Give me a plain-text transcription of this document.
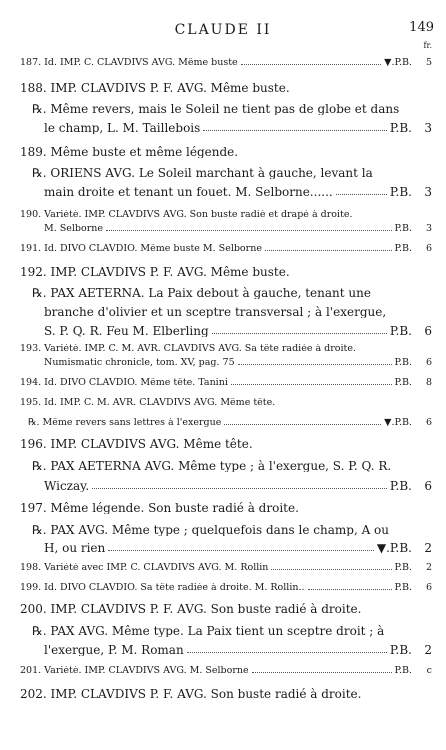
CLAUDE II	149
fr.
187. Id. IMP. C. CLAVDIVS AVG. Même buste	▼.P.B.	5
188. IMP. CLAVDIVS P. F. AVG. Même buste.
℞. Même revers, mais le Soleil ne tient pas de globe et dans
le champ, L. M. Taillebois	P.B.	3
189. Même buste et même légende.
℞. ORIENS AVG. Le Soleil marchant à gauche, levant la
main droite et tenant un fouet. M. Selborne......	P.B.	3
190. Variété. IMP. CLAVDIVS AVG. Son buste radié et drapé à droite.
M. Selborne	P.B.	3
191. Id. DIVO CLAVDIO. Même buste M. Selborne	P.B.	6
192. IMP. CLAVDIVS P. F. AVG. Même buste.
℞. PAX AETERNA. La Paix debout à gauche, tenant une
branche d'olivier et un sceptre transversal ; à l'exergue,
S. P. Q. R. Feu M. Elberling	P.B.	6
193. Variété. IMP. C. M. AVR. CLAVDIVS AVG. Sa tête radiée à droite.
Numismatic chronicle, tom. XV, pag. 75	P.B.	6
194. Id. DIVO CLAVDIO. Même tête. Tanini	P.B.	8
195. Id. IMP. C. M. AVR. CLAVDIVS AVG. Même tête.
℞. Même revers sans lettres à l'exergue	▼.P.B.	6
196. IMP. CLAVDIVS AVG. Même tête.
℞. PAX AETERNA AVG. Même type ; à l'exergue, S. P. Q. R.
Wiczay.	P.B.	6
197. Même légende. Son buste radié à droite.
℞. PAX AVG. Même type ; quelquefois dans le champ, A ou
H, ou rien	▼.P.B.	2
198. Variété avec IMP. C. CLAVDIVS AVG. M. Rollin	P.B.	2
199. Id. DIVO CLAVDIO. Sa tête radiée à droite. M. Rollin..	P.B.	6
200. IMP. CLAVDIVS P. F. AVG. Son buste radié à droite.
℞. PAX AVG. Même type. La Paix tient un sceptre droit ; à
l'exergue, P. M. Roman	P.B.	2
201. Variété. IMP. CLAVDIVS AVG. M. Selborne	P.B.	c
202. IMP. CLAVDIVS P. F. AVG. Son buste radié à droite.
